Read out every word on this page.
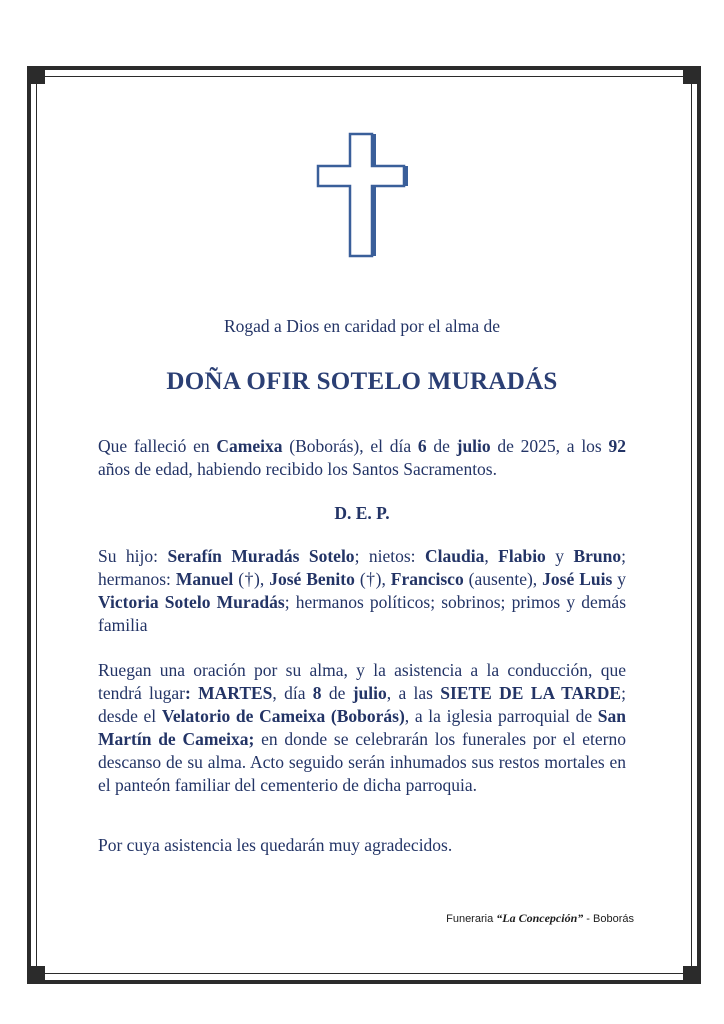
Rogad a Dios en caridad por el alma de
DOÑA OFIR SOTELO MURADÁS
Que falleció en Cameixa (Boborás), el día 6 de julio de 2025, a los 92 años de edad, habiendo recibido los Santos Sacramentos.
D. E. P.
Su hijo: Serafín Muradás Sotelo; nietos: Claudia, Flabio y Bruno; hermanos: Manuel (†), José Benito (†), Francisco (ausente), José Luis y Victoria Sotelo Muradás; hermanos políticos; sobrinos; primos y demás familia
Ruegan una oración por su alma, y la asistencia a la conducción, que tendrá lugar: MARTES, día 8 de julio, a las SIETE DE LA TARDE; desde el Velatorio de Cameixa (Boborás), a la iglesia parroquial de San Martín de Cameixa; en donde se celebrarán los funerales por el eterno descanso de su alma. Acto seguido serán inhumados sus restos mortales en el panteón familiar del cementerio de dicha parroquia.
Por cuya asistencia les quedarán muy agradecidos.
Funeraria “La Concepción” - Boborás
